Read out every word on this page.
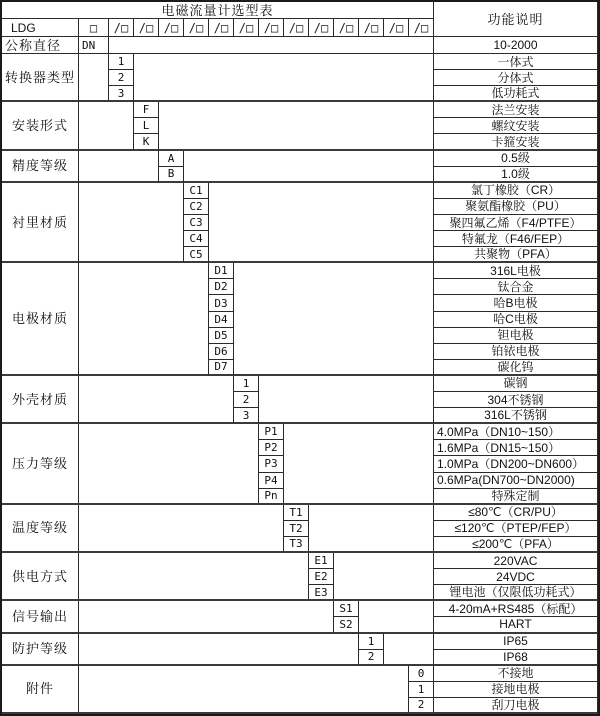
电磁流量计选型表
功能说明
LDG	□	/□ /□ /□ /□ /□ /□ /□ /□ /□ /□ /□ /□ /□
公称直径	DN	10-2000
转换器类型
1	一体式
2	分体式
3	低功耗式
安装形式
F	法兰安装
L	螺纹安装
K	卡箍安装
精度等级
A	0.5级
B	1.0级
衬里材质
C1	氯丁橡胶（CR）
C2	聚氨酯橡胶（PU）
C3	聚四氟乙烯（F4/PTFE）
C4	特氟龙（F46/FEP）
C5	共聚物（PFA）
电极材质
D1	316L电极
D2	钛合金
D3	哈B电极
D4	哈C电极
D5	钽电极
D6	铂铱电极
D7	碳化钨
外壳材质
1	碳钢
2	304不锈钢
3	316L不锈钢
压力等级
P1	4.0MPa（DN10~150）
P2	1.6MPa（DN15~150）
P3	1.0MPa（DN200~DN600）
P4	0.6MPa(DN700~DN2000)
Pn	特殊定制
温度等级
T1	≤80℃（CR/PU）
T2	≤120℃（PTEP/FEP）
T3	≤200℃（PFA）
供电方式
E1	220VAC
E2	24VDC
E3	锂电池（仅限低功耗式）
信号输出
S1	4-20mA+RS485（标配）
S2	HART
防护等级
1	IP65
2	IP68
附件
0	不接地
1	接地电极
2	刮刀电极
